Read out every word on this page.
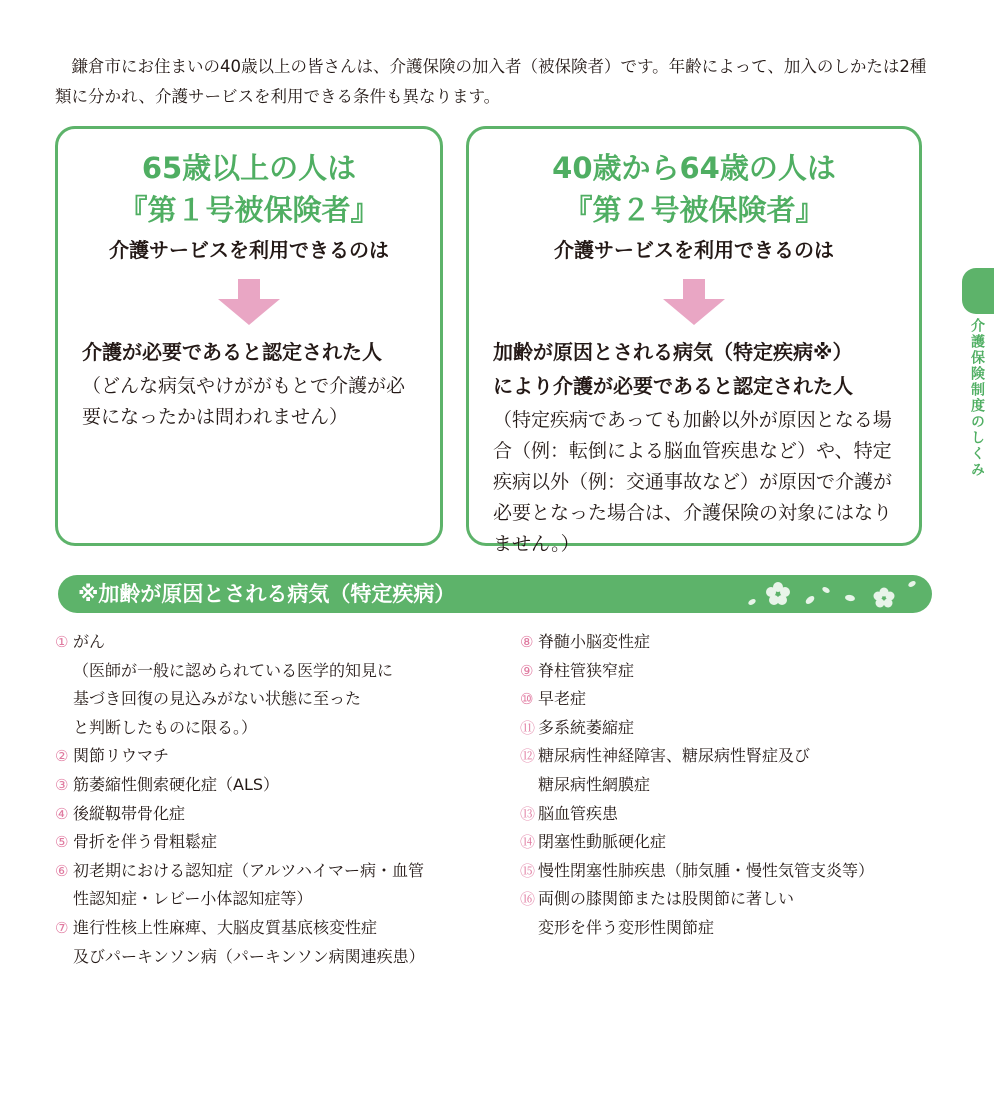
鎌倉市にお住まいの40歳以上の皆さんは、介護保険の加入者（被保険者）です。年齢によって、加入のしかたは2種類に分かれ、介護サービスを利用できる条件も異なります。

65歳以上の人は
『第１号被保険者』
介護サービスを利用できるのは
介護が必要であると認定された人
（どんな病気やけががもとで介護が必要になったかは問われません）
40歳から64歳の人は
『第２号被保険者』
介護サービスを利用できるのは
加齢が原因とされる病気（特定疾病※）
により介護が必要であると認定された人
（特定疾病であっても加齢以外が原因となる場合（例：転倒による脳血管疾患など）や、特定疾病以外（例：交通事故など）が原因で介護が必要となった場合は、介護保険の対象にはなりません。）
介護保険制度のしくみ
※加齢が原因とされる病気（特定疾病）
① がん
（医師が一般に認められている医学的知見に
基づき回復の見込みがない状態に至った
と判断したものに限る。）
② 関節リウマチ
③ 筋萎縮性側索硬化症（ALS）
④ 後縦靱帯骨化症
⑤ 骨折を伴う骨粗鬆症
⑥ 初老期における認知症（アルツハイマー病・血管
性認知症・レビー小体認知症等）
⑦ 進行性核上性麻痺、大脳皮質基底核変性症
及びパーキンソン病（パーキンソン病関連疾患）
⑧ 脊髄小脳変性症
⑨ 脊柱管狭窄症
⑩ 早老症
⑪ 多系統萎縮症
⑫ 糖尿病性神経障害、糖尿病性腎症及び
糖尿病性網膜症
⑬ 脳血管疾患
⑭ 閉塞性動脈硬化症
⑮ 慢性閉塞性肺疾患（肺気腫・慢性気管支炎等）
⑯ 両側の膝関節または股関節に著しい
変形を伴う変形性関節症
